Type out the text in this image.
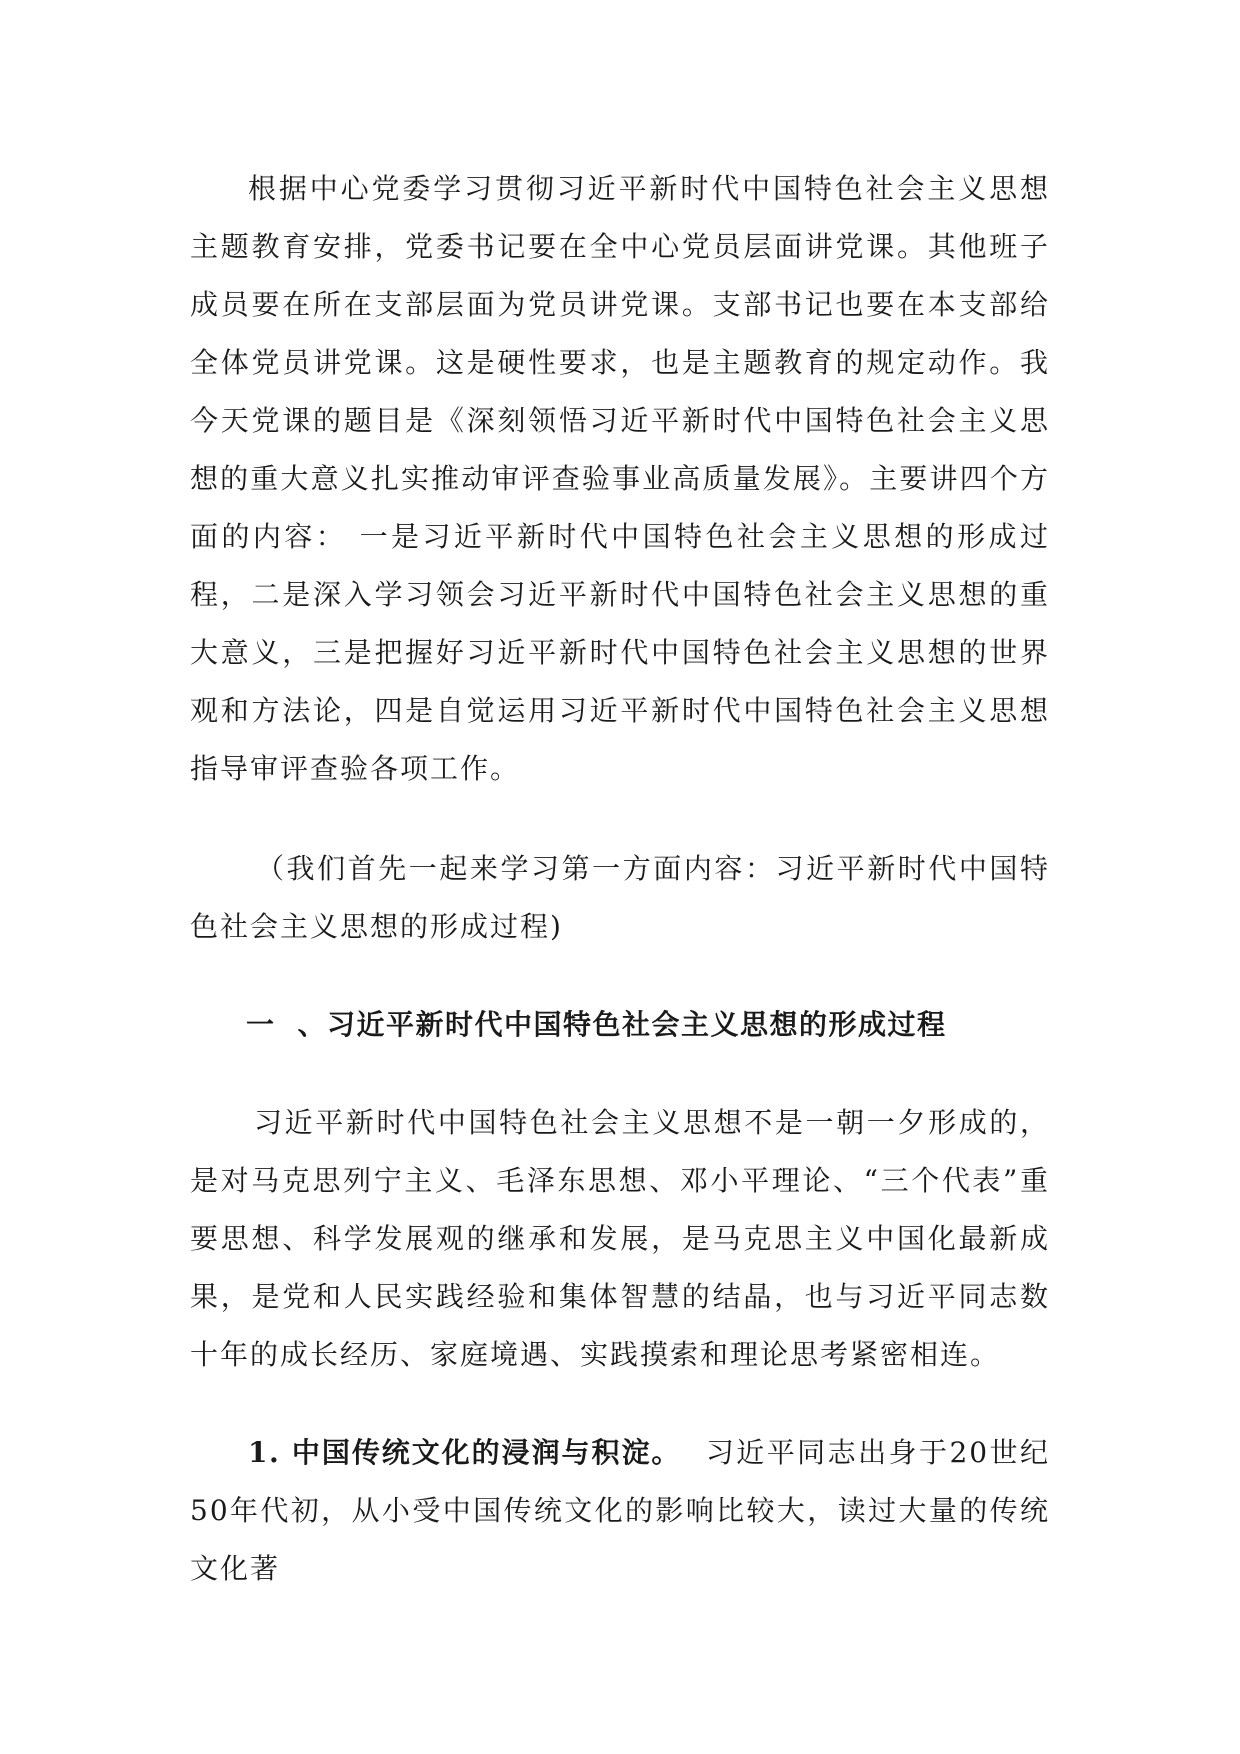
根据中心党委学习贯彻习近平新时代中国特色社会主义思想主题教育安排，党委书记要在全中心党员层面讲党课。其他班子成员要在所在支部层面为党员讲党课。支部书记也要在本支部给全体党员讲党课。这是硬性要求，也是主题教育的规定动作。我今天党课的题目是《深刻领悟习近平新时代中国特色社会主义思想的重大意义扎实推动审评查验事业高质量发展》。主要讲四个方面的内容： 一是习近平新时代中国特色社会主义思想的形成过程，二是深入学习领会习近平新时代中国特色社会主义思想的重大意义，三是把握好习近平新时代中国特色社会主义思想的世界观和方法论，四是自觉运用习近平新时代中国特色社会主义思想指导审评查验各项工作。

（我们首先一起来学习第一方面内容：习近平新时代中国特色社会主义思想的形成过程)

一 、习近平新时代中国特色社会主义思想的形成过程

习近平新时代中国特色社会主义思想不是一朝一夕形成的，是对马克思列宁主义、毛泽东思想、邓小平理论、“三个代表”重要思想、科学发展观的继承和发展，是马克思主义中国化最新成果，是党和人民实践经验和集体智慧的结晶，也与习近平同志数十年的成长经历、家庭境遇、实践摸索和理论思考紧密相连。

1. 中国传统文化的浸润与积淀。 习近平同志出身于20世纪50年代初，从小受中国传统文化的影响比较大，读过大量的传统文化著
